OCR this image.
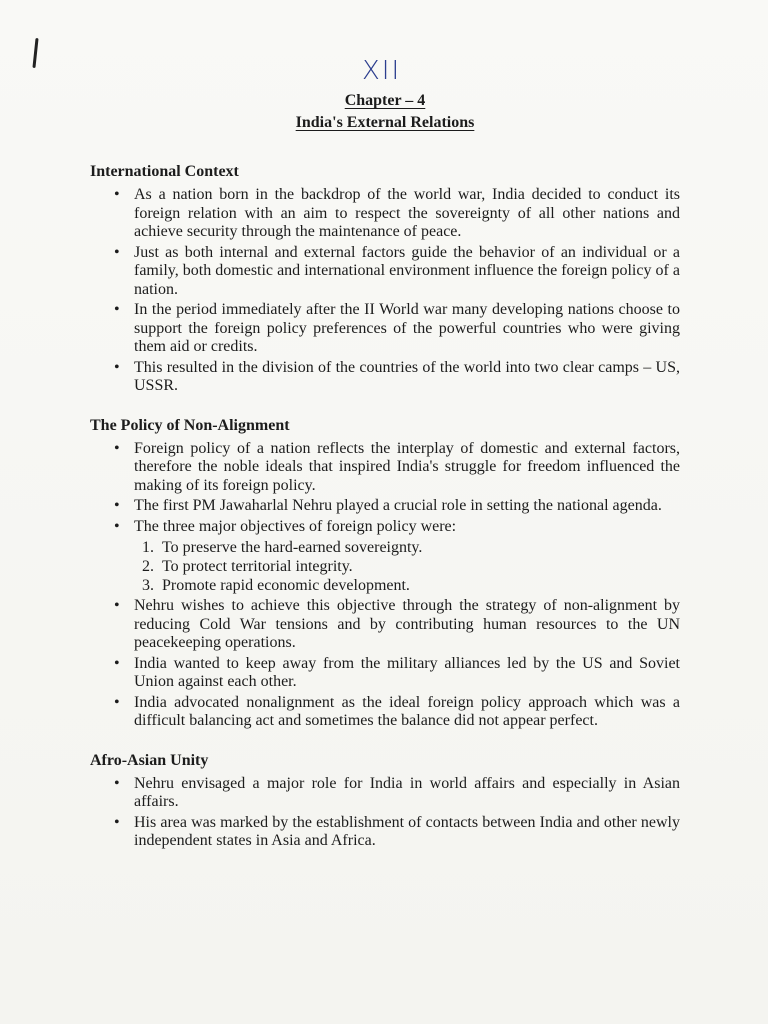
XII
Chapter – 4
India's External Relations
International Context
• As a nation born in the backdrop of the world war, India decided to conduct its foreign relation with an aim to respect the sovereignty of all other nations and achieve security through the maintenance of peace.
• Just as both internal and external factors guide the behavior of an individual or a family, both domestic and international environment influence the foreign policy of a nation.
• In the period immediately after the II World war many developing nations choose to support the foreign policy preferences of the powerful countries who were giving them aid or credits.
• This resulted in the division of the countries of the world into two clear camps – US, USSR.
The Policy of Non-Alignment
• Foreign policy of a nation reflects the interplay of domestic and external factors, therefore the noble ideals that inspired India's struggle for freedom influenced the making of its foreign policy.
• The first PM Jawaharlal Nehru played a crucial role in setting the national agenda.
• The three major objectives of foreign policy were:
1. To preserve the hard-earned sovereignty.
2. To protect territorial integrity.
3. Promote rapid economic development.
• Nehru wishes to achieve this objective through the strategy of non-alignment by reducing Cold War tensions and by contributing human resources to the UN peacekeeping operations.
• India wanted to keep away from the military alliances led by the US and Soviet Union against each other.
• India advocated nonalignment as the ideal foreign policy approach which was a difficult balancing act and sometimes the balance did not appear perfect.
Afro-Asian Unity
• Nehru envisaged a major role for India in world affairs and especially in Asian affairs.
• His area was marked by the establishment of contacts between India and other newly independent states in Asia and Africa.
